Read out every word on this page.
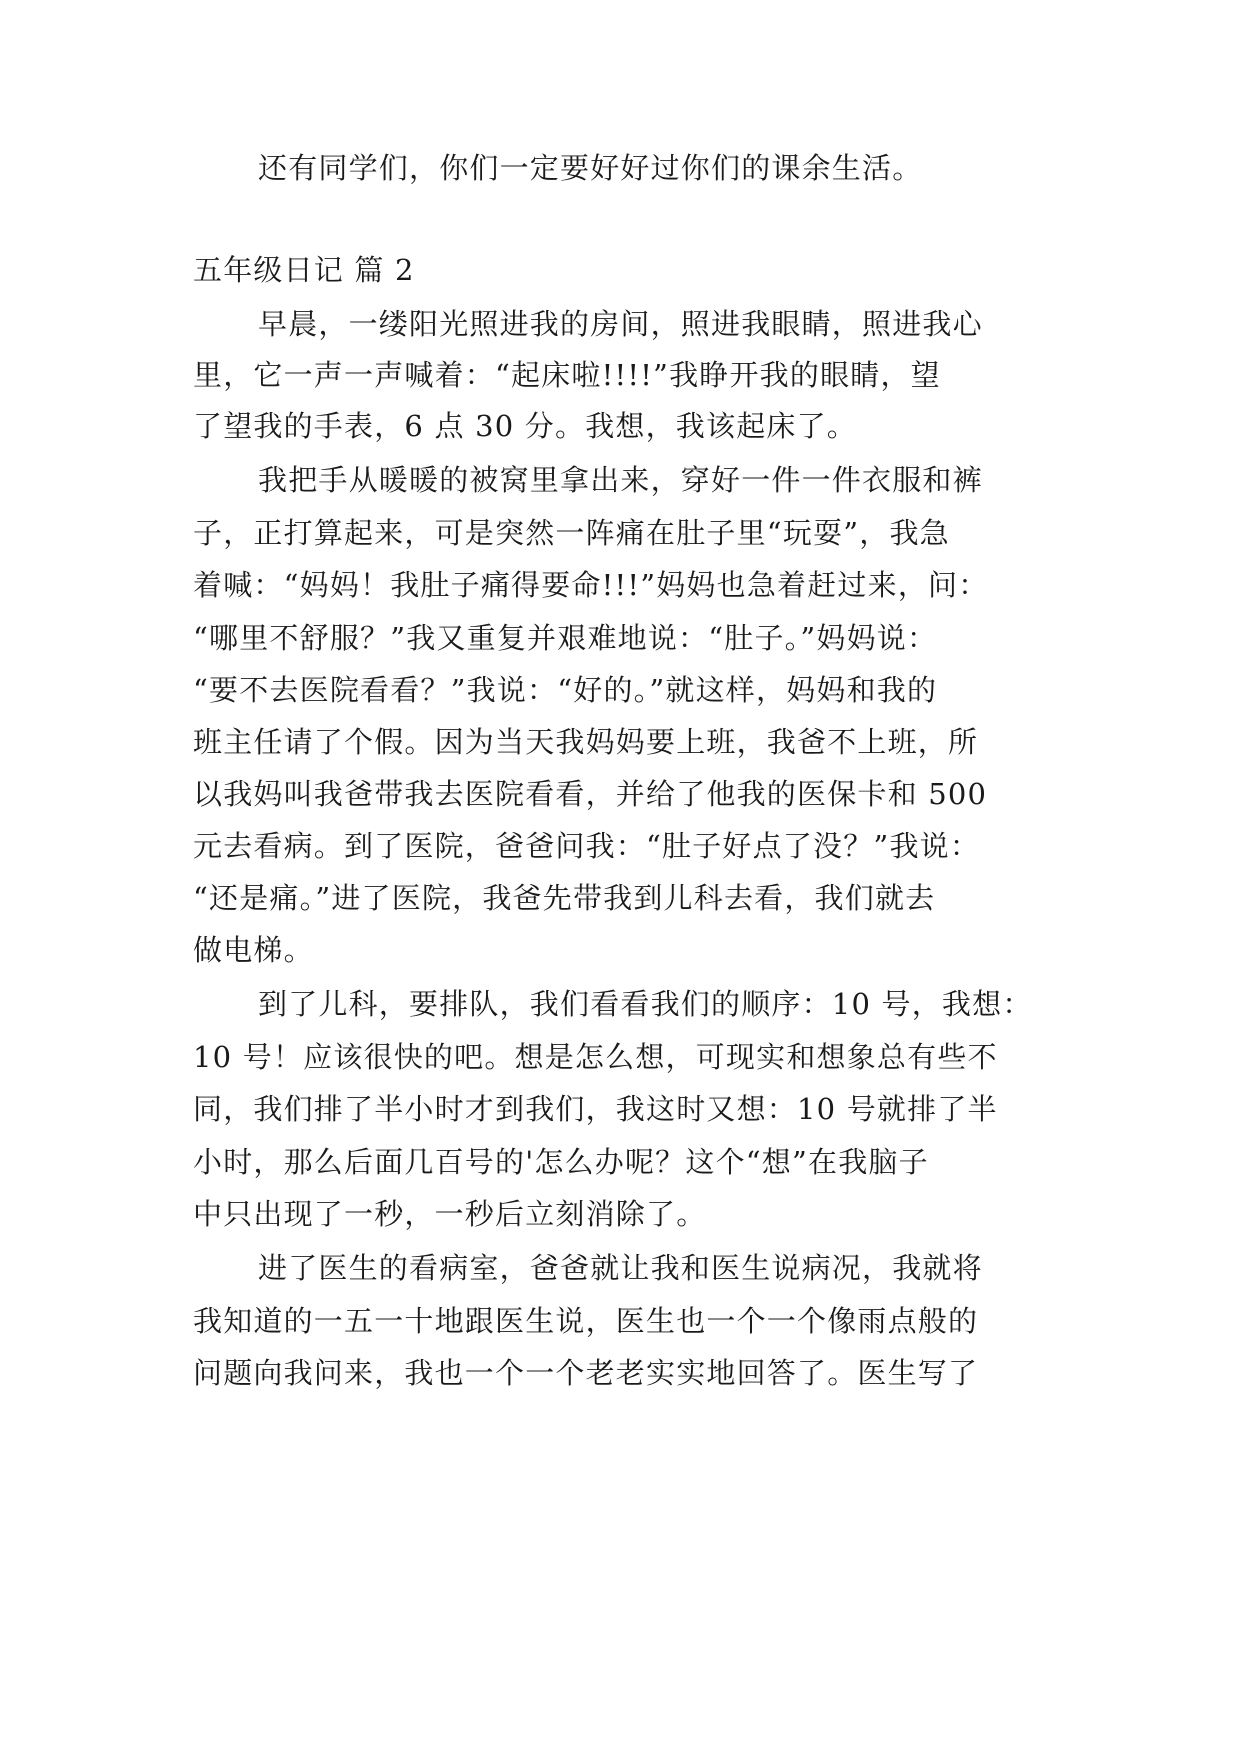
还有同学们，你们一定要好好过你们的课余生活。
五年级日记 篇 2
早晨，一缕阳光照进我的房间，照进我眼睛，照进我心
里，它一声一声喊着：“起床啦!!!!”我睁开我的眼睛，望
了望我的手表，6 点 30 分。我想，我该起床了。
我把手从暖暖的被窝里拿出来，穿好一件一件衣服和裤
子，正打算起来，可是突然一阵痛在肚子里“玩耍”，我急
着喊：“妈妈！我肚子痛得要命!!!”妈妈也急着赶过来，问：
“哪里不舒服？”我又重复并艰难地说：“肚子。”妈妈说：
“要不去医院看看？”我说：“好的。”就这样，妈妈和我的
班主任请了个假。因为当天我妈妈要上班，我爸不上班，所
以我妈叫我爸带我去医院看看，并给了他我的医保卡和 500
元去看病。到了医院，爸爸问我：“肚子好点了没？”我说：
“还是痛。”进了医院，我爸先带我到儿科去看，我们就去
做电梯。
到了儿科，要排队，我们看看我们的顺序：10 号，我想：
10 号！应该很快的吧。想是怎么想，可现实和想象总有些不
同，我们排了半小时才到我们，我这时又想：10 号就排了半
小时，那么后面几百号的'怎么办呢？这个“想”在我脑子
中只出现了一秒，一秒后立刻消除了。
进了医生的看病室，爸爸就让我和医生说病况，我就将
我知道的一五一十地跟医生说，医生也一个一个像雨点般的
问题向我问来，我也一个一个老老实实地回答了。医生写了
